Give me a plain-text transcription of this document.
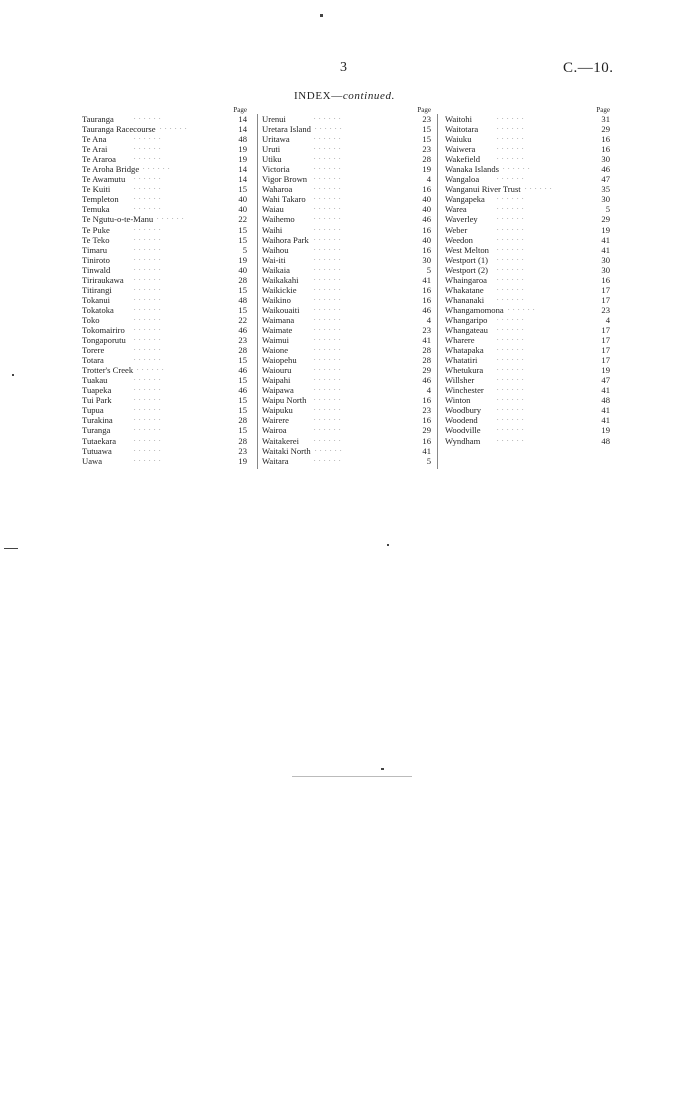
3	C.—10.
INDEX—continued.
Page
Tauranga	. . . . . .	14
Tauranga Racecourse . . . . . .	14
Te Ana	. . . . . .	48
Te Arai	. . . . . .	19
Te Araroa	. . . . . .	19
Te Aroha Bridge . . . . . .	14
Te Awamutu . . . . . .	14
Te Kuiti	. . . . . .	15
Templeton	. . . . . .	40
Temuka	. . . . . .	40
Te Ngutu-o-te-Manu . . . . . .	22
Te Puke	. . . . . .	15
Te Teko	. . . . . .	15
Timaru	. . . . . .	5
Tiniroto	. . . . . .	19
Tinwald	. . . . . .	40
Tiriraukawa . . . . . .	28
Titirangi	. . . . . .	15
Tokanui	. . . . . .	48
Tokatoka	. . . . . .	15
Toko	. . . . . .	22
Tokomairiro . . . . . .	46
Tongaporutu . . . . . .	23
Torere	. . . . . .	28
Totara	. . . . . .	15
Trotter's Creek . . . . . .	46
Tuakau	. . . . . .	15
Tuapeka	. . . . . .	46
Tui Park	. . . . . .	15
Tupua	. . . . . .	15
Turakina	. . . . . .	28
Turanga	. . . . . .	15
Tutaekara	. . . . . .	28
Tutuawa	. . . . . .	23
Uawa	. . . . . .	19
Page
Urenui	. . . . . .	23
Uretara Island . . . . . .	15
Uritawa	. . . . . .	15
Uruti	. . . . . .	23
Utiku	. . . . . .	28
Victoria	. . . . . .	19
Vigor Brown . . . . . .	4
Waharoa	. . . . . .	16
Wahi Takaro . . . . . .	40
Waiau	. . . . . .	40
Waihemo	. . . . . .	46
Waihi	. . . . . .	16
Waihora Park . . . . . .	40
Waihou	. . . . . .	16
Wai-iti	. . . . . .	30
Waikaia	. . . . . .	5
Waikakahi	. . . . . .	41
Waikickie	. . . . . .	16
Waikino	. . . . . .	16
Waikouaiti . . . . . .	46
Waimana	. . . . . .	4
Waimate	. . . . . .	23
Waimui	. . . . . .	41
Waione	. . . . . .	28
Waiopehu	. . . . . .	28
Waiouru	. . . . . .	29
Waipahi	. . . . . .	46
Waipawa	. . . . . .	4
Waipu North . . . . . .	16
Waipuku	. . . . . .	23
Wairere	. . . . . .	16
Wairoa	. . . . . .	29
Waitakerei . . . . . .	16
Waitaki North . . . . . .	41
Waitara	. . . . . .	5
Page
Waitohi	. . . . . .	31
Waitotara	. . . . . .	29
Waiuku	. . . . . .	16
Waiwera	. . . . . .	16
Wakefield	. . . . . .	30
Wanaka Islands . . . . . .	46
Wangaloa	. . . . . .	47
Wanganui River Trust . . . . . .	35
Wangapeka . . . . . .	30
Warea	. . . . . .	5
Waverley	. . . . . .	29
Weber	. . . . . .	19
Weedon	. . . . . .	41
West Melton . . . . . .	41
Westport (1) . . . . . .	30
Westport (2) . . . . . .	30
Whaingaroa . . . . . .	16
Whakatane . . . . . .	17
Whananaki . . . . . .	17
Whangamomona . . . . . .	23
Whangaripo . . . . . .	4
Whangateau . . . . . .	17
Wharere	. . . . . .	17
Whatapaka . . . . . .	17
Whatatiri	. . . . . .	17
Whetukura . . . . . .	19
Willsher	. . . . . .	47
Winchester . . . . . .	41
Winton	. . . . . .	48
Woodbury	. . . . . .	41
Woodend	. . . . . .	41
Woodville	. . . . . .	19
Wyndham	. . . . . .	48
